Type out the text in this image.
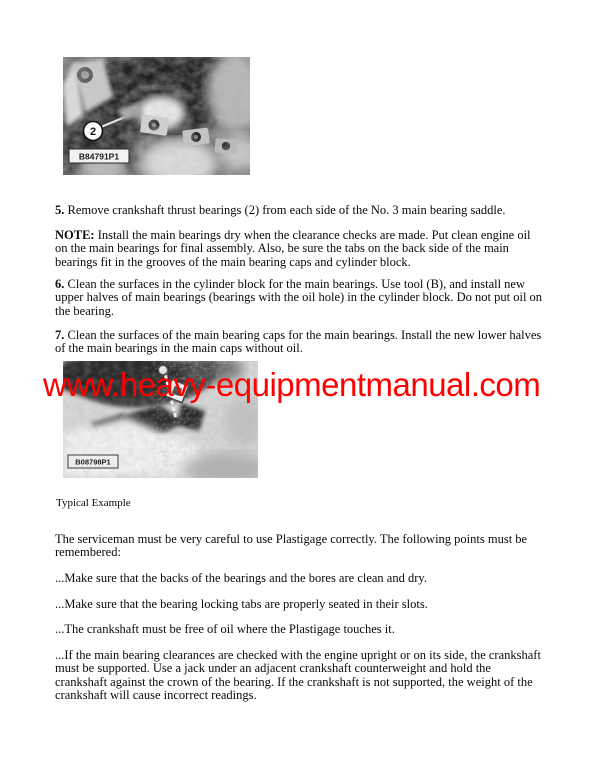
2
B84791P1

5. Remove crankshaft thrust bearings (2) from each side of the No. 3 main bearing saddle.

NOTE: Install the main bearings dry when the clearance checks are made. Put clean engine oil on the main bearings for final assembly. Also, be sure the tabs on the back side of the main bearings fit in the grooves of the main bearing caps and cylinder block.

6. Clean the surfaces in the cylinder block for the main bearings. Use tool (B), and install new upper halves of main bearings (bearings with the oil hole) in the cylinder block. Do not put oil on the bearing.

7. Clean the surfaces of the main bearing caps for the main bearings. Install the new lower halves of the main bearings in the main caps without oil.

B08798P1
www.heavy-equipmentmanual.com
Typical Example

The serviceman must be very careful to use Plastigage correctly. The following points must be remembered:

...Make sure that the backs of the bearings and the bores are clean and dry.

...Make sure that the bearing locking tabs are properly seated in their slots.

...The crankshaft must be free of oil where the Plastigage touches it.

...If the main bearing clearances are checked with the engine upright or on its side, the crankshaft must be supported. Use a jack under an adjacent crankshaft counterweight and hold the crankshaft against the crown of the bearing. If the crankshaft is not supported, the weight of the crankshaft will cause incorrect readings.
